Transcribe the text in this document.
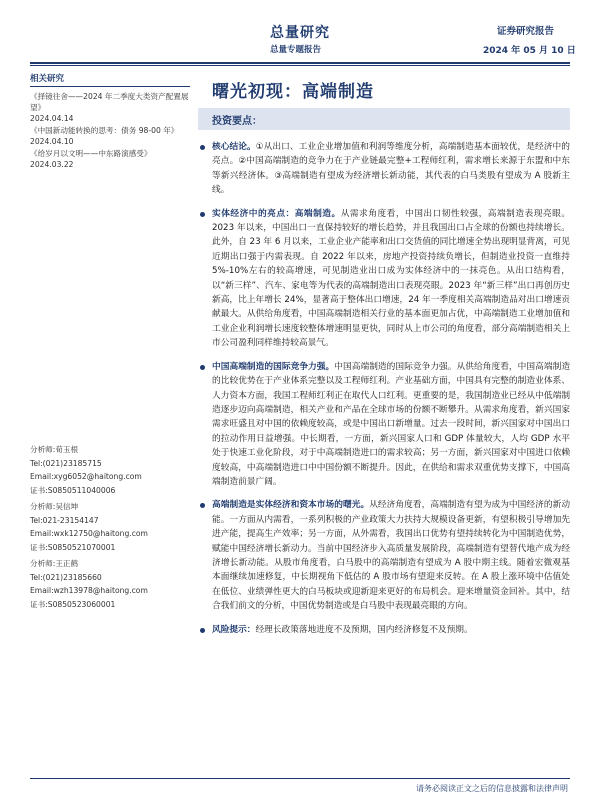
总量研究
总量专题报告
证券研究报告
2024 年 05 月 10 日
相关研究
《择镜往舍——2024 年二季度大类资产配置展望》
2024.04.14
《中国新动能转换的思考：债务 98-00 年》
2024.04.10
《给岁月以文明——中东路演感受》
2024.03.22
分析师:荀玉根
Tel:(021)23185715
Email:xyg6052@haitong.com
证书:S0850511040006
分析师:吴信坤
Tel:021-23154147
Email:wxk12750@haitong.com
证书:S0850521070001
分析师:王正鹤
Tel:(021)23185660
Email:wzh13978@haitong.com
证书:S0850523060001
曙光初现：高端制造
投资要点：
核心结论。①从出口、工业企业增加值和利润等维度分析，高端制造基本面较优，是经济中的亮点。②中国高端制造的竞争力在于产业链最完整+工程师红利，需求增长来源于东盟和中东等新兴经济体。③高端制造有望成为经济增长新动能，其代表的白马类股有望成为 A 股新主线。
实体经济中的亮点：高端制造。从需求角度看，中国出口韧性较强，高端制造表现亮眼。2023 年以来，中国出口一直保持较好的增长趋势，并且我国出口占全球的份额也持续增长。此外，自 23 年 6 月以来，工业企业产能率和出口交货值的同比增速全势出现明显背离，可见近期出口强于内需表现。自 2022 年以来，房地产投资持续负增长，但制造业投资一直维持 5%-10%左右的较高增速，可见制造业出口成为实体经济中的一抹亮色。从出口结构看，以“新三样”、汽车、家电等为代表的高端制造出口表现亮眼。2023 年“新三样”出口再创历史新高，比上年增长 24%，显著高于整体出口增速，24 年一季度相关高端制造品对出口增速贡献最大。从供给角度看，中国高端制造相关行业的基本面更加占优，中高端制造工业增加值和工业企业利润增长速度较整体增速明显更快，同时从上市公司的角度看，部分高端制造相关上市公司盈利同样维持较高景气。
中国高端制造的国际竞争力强。中国高端制造的国际竞争力强。从供给角度看，中国高端制造的比较优势在于产业体系完整以及工程师红利。产业基础方面，中国具有完整的制造业体系、人力资本方面，我国工程师红利正在取代人口红利。更重要的是，我国制造业已经从中低端制造逐步迈向高端制造，相关产业和产品在全球市场的份额不断攀升。从需求角度看，新兴国家需求旺盛且对中国的依赖度较高，或是中国出口新增量。过去一段时间，新兴国家对中国出口的拉动作用日益增强。中长期看，一方面，新兴国家人口和 GDP 体量较大，人均 GDP 水平处于快速工业化阶段，对于中高端制造进口的需求较高；另一方面，新兴国家对中国进口依赖度较高，中高端制造进口中中国份额不断提升。因此，在供给和需求双重优势支撑下，中国高端制造前景广阔。
高端制造是实体经济和资本市场的曙光。从经济角度看，高端制造有望为成为中国经济的新动能。一方面从内需看，一系列积极的产业政策大力扶持大规模设备更新，有望积极引导增加先进产能，提高生产效率；另一方面，从外需看，我国出口优势有望持续转化为中国制造优势，赋能中国经济增长新动力。当前中国经济步入高质量发展阶段，高端制造有望替代地产成为经济增长新动能。从股市角度看，白马股中的高端制造有望成为 A 股中期主线。随着宏微观基本面继续加速修复，中长期视角下低估的 A 股市场有望迎来反转。在 A 股上涨环境中估值处在低位、业绩弹性更大的白马板块或迎新迎来更好的布局机会。迎来增量资金回补。其中，结合我们前文的分析，中国优势制造或是白马股中表现最亮眼的方向。
风险提示：经理长政策落地进度不及预期，国内经济修复不及预期。
请务必阅读正文之后的信息披露和法律声明
